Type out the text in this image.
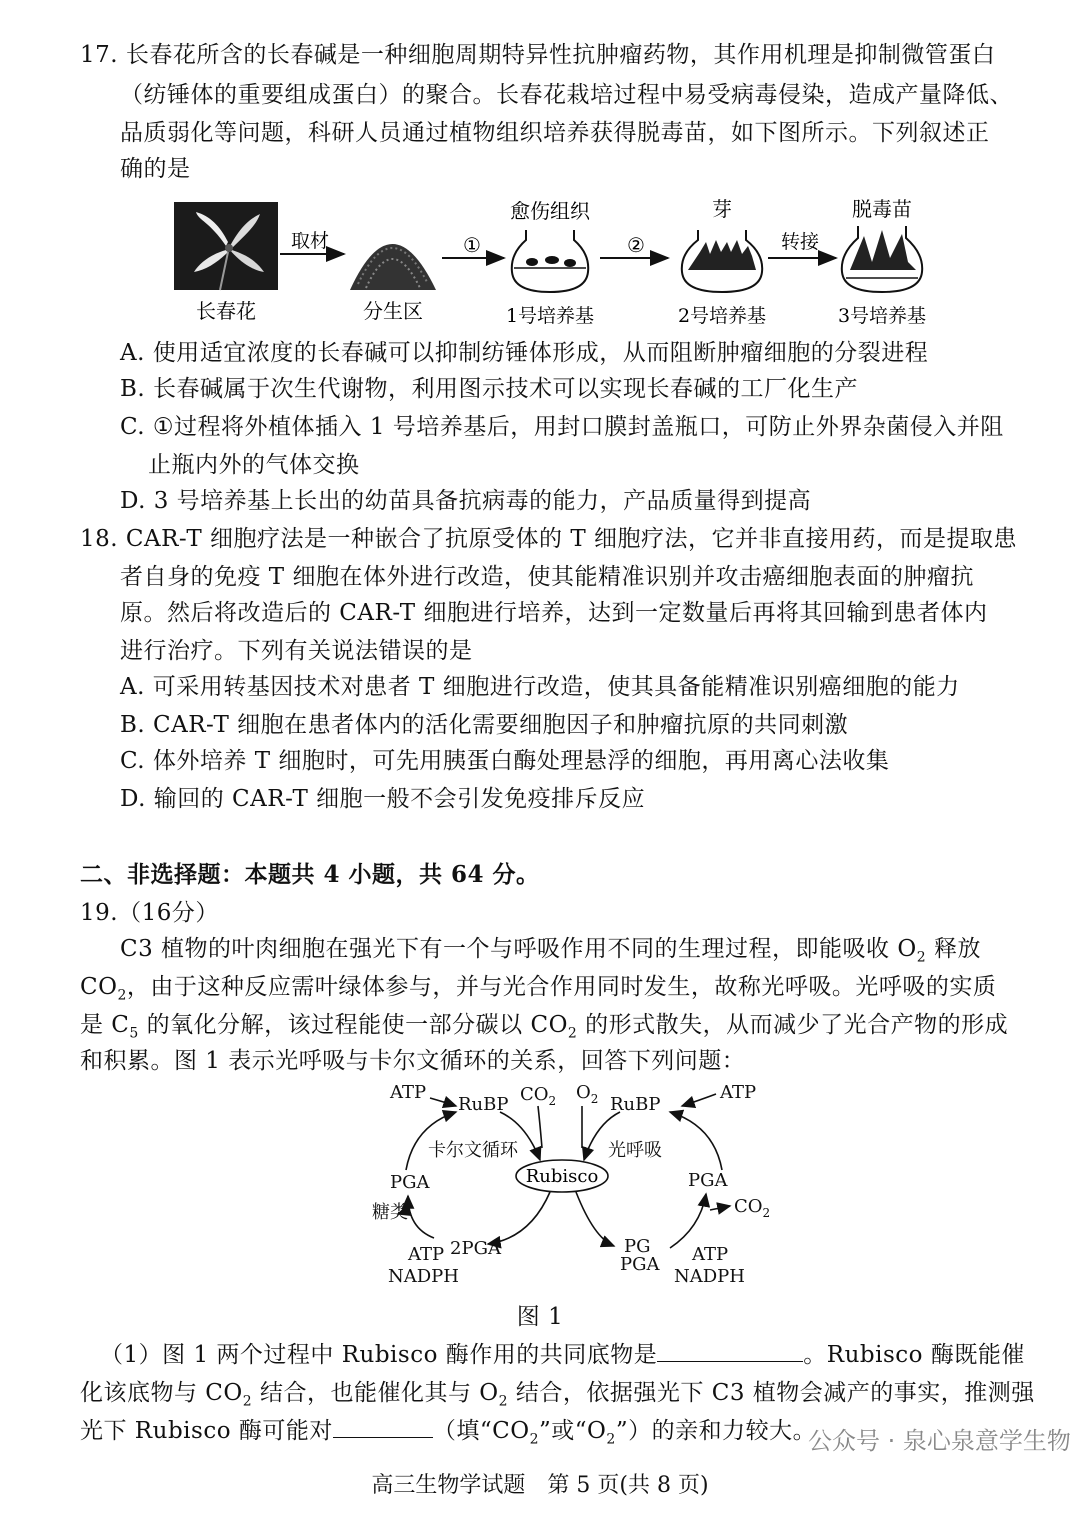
17. 长春花所含的长春碱是一种细胞周期特异性抗肿瘤药物，其作用机理是抑制微管蛋白
（纺锤体的重要组成蛋白）的聚合。长春花栽培过程中易受病毒侵染，造成产量降低、
品质弱化等问题，科研人员通过植物组织培养获得脱毒苗，如下图所示。下列叙述正
确的是
长春花
取材
分生区
①
愈伤组织
1号培养基
②
芽
2号培养基
转接
脱毒苗
3号培养基
A. 使用适宜浓度的长春碱可以抑制纺锤体形成，从而阻断肿瘤细胞的分裂进程
B. 长春碱属于次生代谢物，利用图示技术可以实现长春碱的工厂化生产
C. ①过程将外植体插入 1 号培养基后，用封口膜封盖瓶口，可防止外界杂菌侵入并阻
止瓶内外的气体交换
D. 3 号培养基上长出的幼苗具备抗病毒的能力，产品质量得到提高
18. CAR-T 细胞疗法是一种嵌合了抗原受体的 T 细胞疗法，它并非直接用药，而是提取患
者自身的免疫 T 细胞在体外进行改造，使其能精准识别并攻击癌细胞表面的肿瘤抗
原。然后将改造后的 CAR-T 细胞进行培养，达到一定数量后再将其回输到患者体内
进行治疗。下列有关说法错误的是
A. 可采用转基因技术对患者 T 细胞进行改造，使其具备能精准识别癌细胞的能力
B. CAR-T 细胞在患者体内的活化需要细胞因子和肿瘤抗原的共同刺激
C. 体外培养 T 细胞时，可先用胰蛋白酶处理悬浮的细胞，再用离心法收集
D. 输回的 CAR-T 细胞一般不会引发免疫排斥反应
二、非选择题：本题共 4 小题，共 64 分。
19.（16分）
C3 植物的叶肉细胞在强光下有一个与呼吸作用不同的生理过程，即能吸收 $O_2$ 释放
$CO_2$，由于这种反应需叶绿体参与，并与光合作用同时发生，故称光呼吸。光呼吸的实质
是 $C_5$ 的氧化分解，该过程能使一部分碳以 $CO_2$ 的形式散失，从而减少了光合产物的形成
和积累。图 1 表示光呼吸与卡尔文循环的关系，回答下列问题：
ATP
RuBP $CO_2$ $O_2$ RuBP
ATP
卡尔文循环	光呼吸
PGA	PGA
糖类	$CO_2$
2PGA
ATP
NADPH
PG
PGA ATP
NADPH
Rubisco
图 1
（1）图 1 两个过程中 Rubisco 酶作用的共同底物是	。Rubisco 酶既能催
化该底物与 $CO_2$ 结合，也能催化其与 $O_2$ 结合，依据强光下 C3 植物会减产的事实，推测强
光下 Rubisco 酶可能对	（填“$CO_2$”或“$O_2$”）的亲和力较大。
公众号 · 泉心泉意学生物
高三生物学试题　第 5 页(共 8 页)
